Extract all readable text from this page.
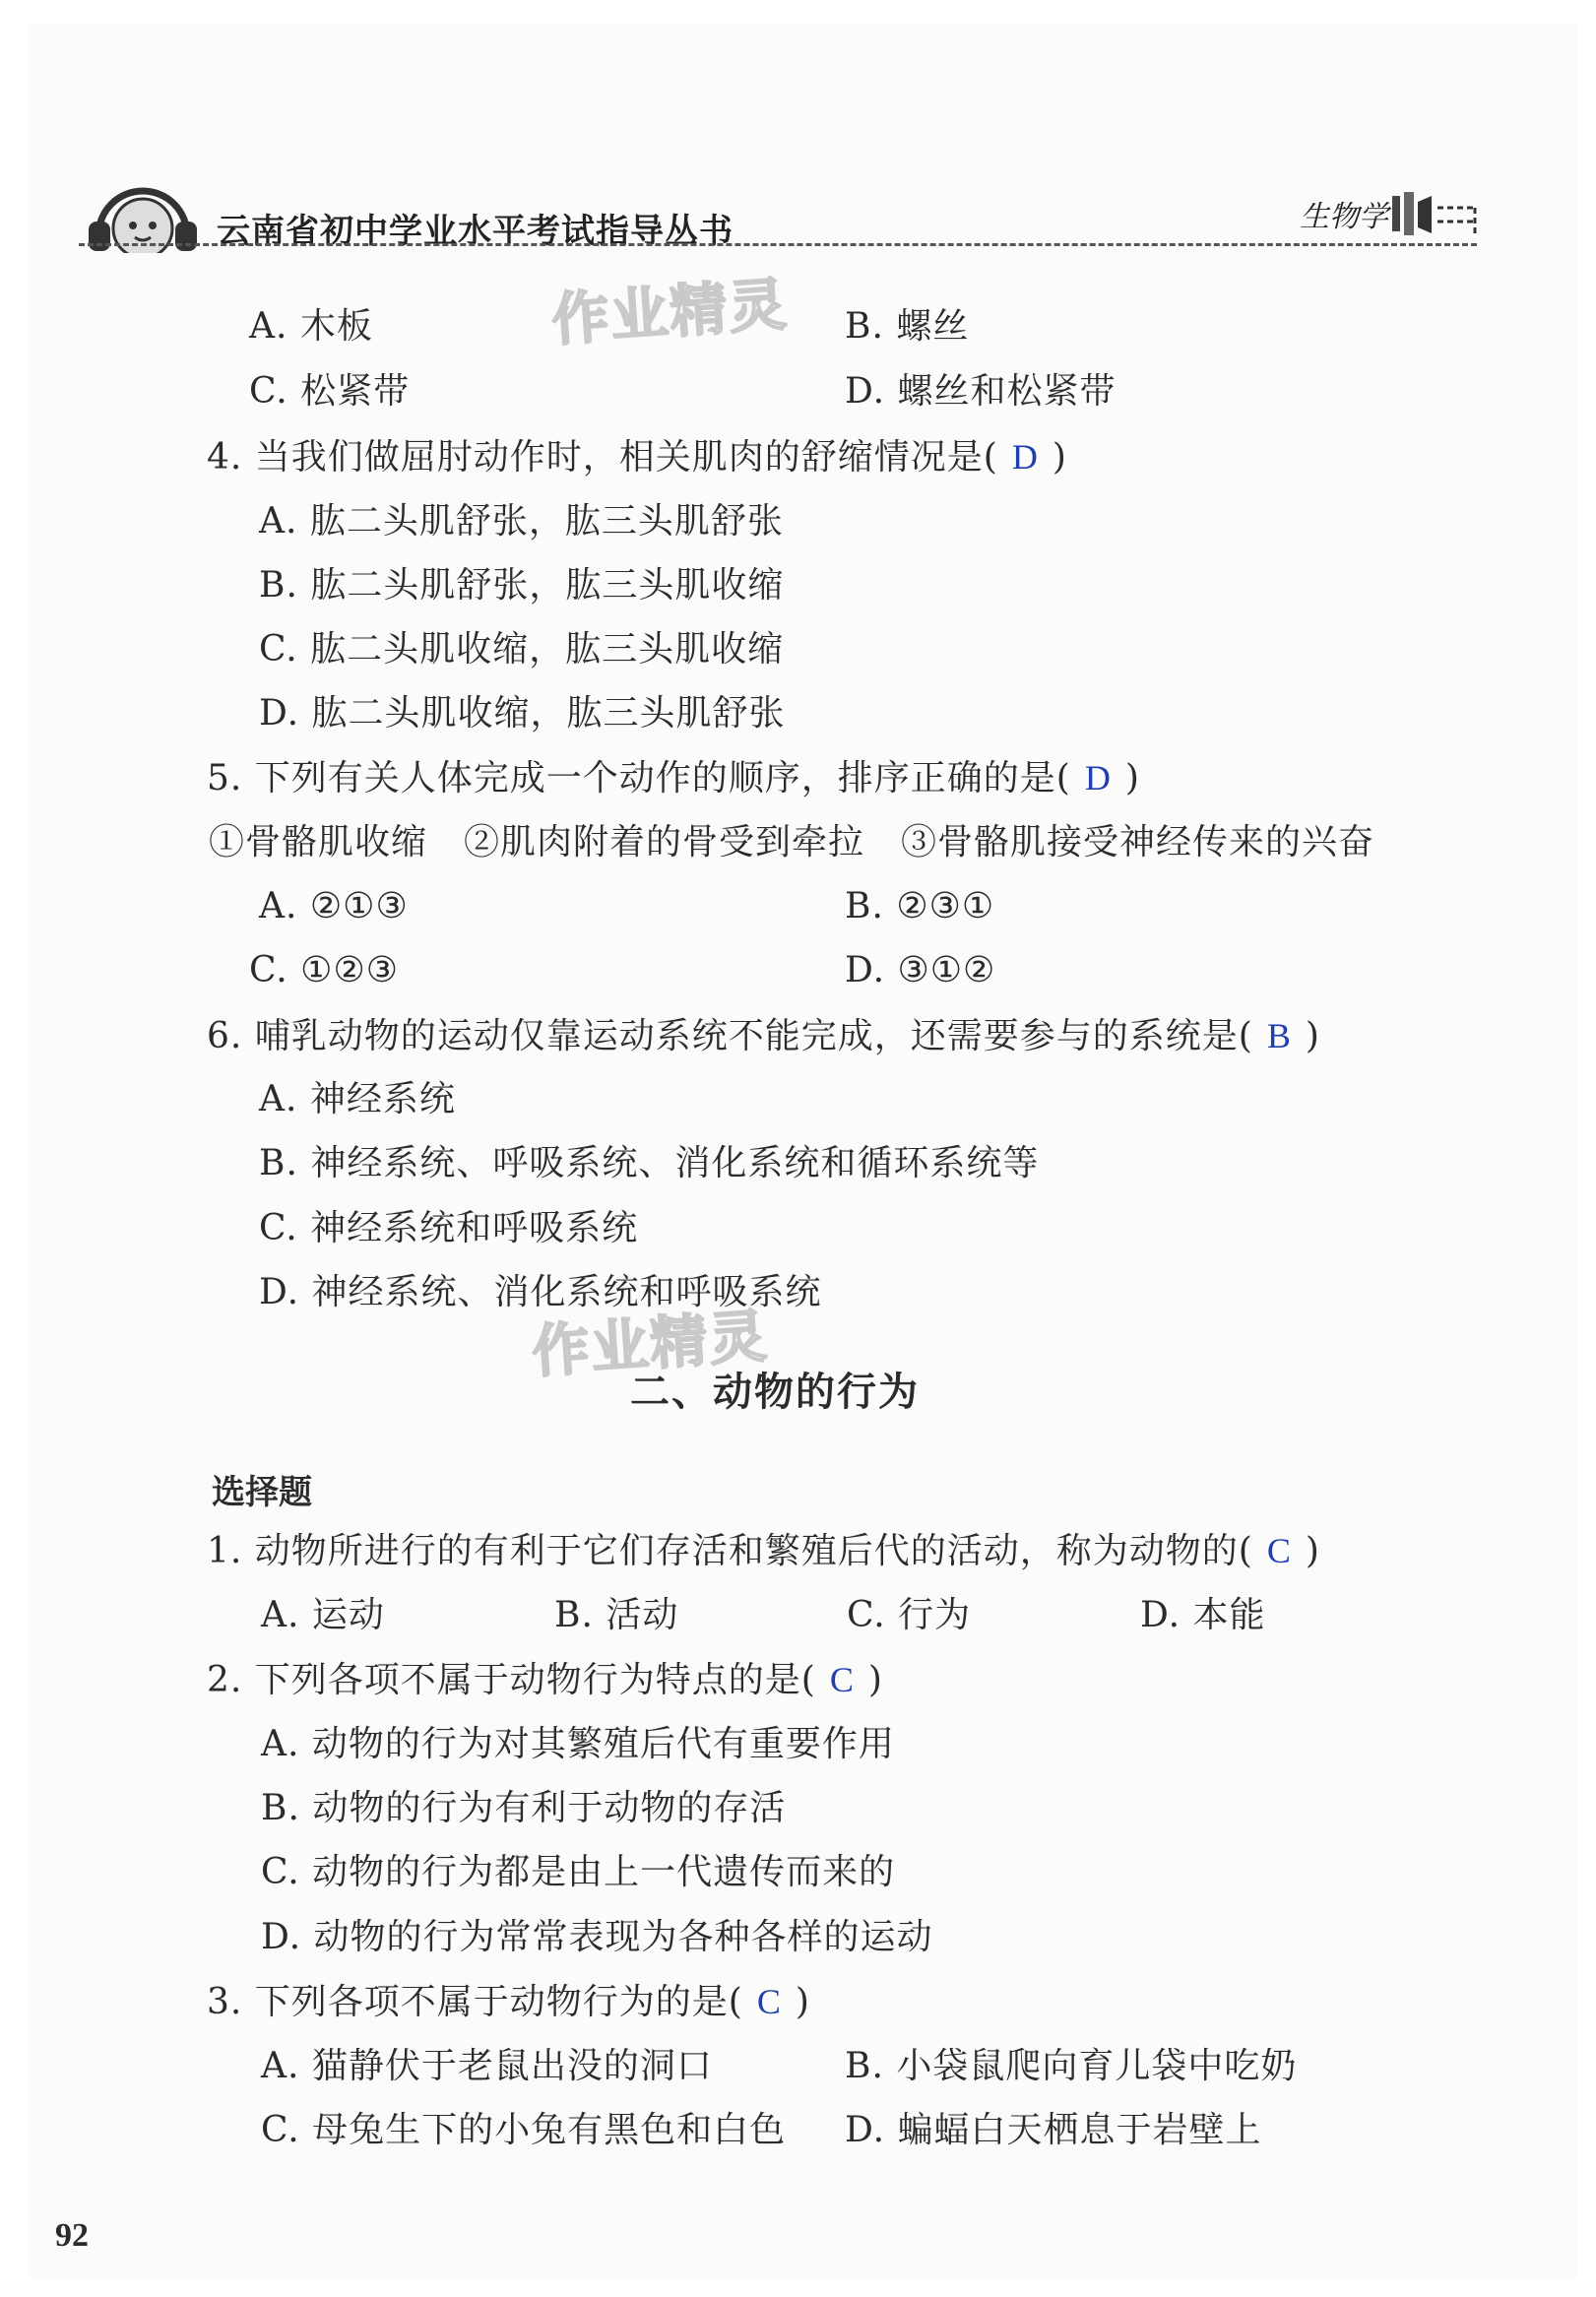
云南省初中学业水平考试指导丛书	生物学
作业精灵
作业精灵
A. 木板	B. 螺丝
C. 松紧带	D. 螺丝和松紧带
4. 当我们做屈肘动作时，相关肌肉的舒缩情况是( D )
A. 肱二头肌舒张，肱三头肌舒张
B. 肱二头肌舒张，肱三头肌收缩
C. 肱二头肌收缩，肱三头肌收缩
D. 肱二头肌收缩，肱三头肌舒张
5. 下列有关人体完成一个动作的顺序，排序正确的是( D )
①骨骼肌收缩　②肌肉附着的骨受到牵拉　③骨骼肌接受神经传来的兴奋
A. ②①③	B. ②③①
C. ①②③	D. ③①②
6. 哺乳动物的运动仅靠运动系统不能完成，还需要参与的系统是( B )
A. 神经系统
B. 神经系统、呼吸系统、消化系统和循环系统等
C. 神经系统和呼吸系统
D. 神经系统、消化系统和呼吸系统
二、动物的行为
选择题
1. 动物所进行的有利于它们存活和繁殖后代的活动，称为动物的( C )
A. 运动	B. 活动	C. 行为	D. 本能
2. 下列各项不属于动物行为特点的是( C )
A. 动物的行为对其繁殖后代有重要作用
B. 动物的行为有利于动物的存活
C. 动物的行为都是由上一代遗传而来的
D. 动物的行为常常表现为各种各样的运动
3. 下列各项不属于动物行为的是( C )
A. 猫静伏于老鼠出没的洞口	B. 小袋鼠爬向育儿袋中吃奶
C. 母兔生下的小兔有黑色和白色 D. 蝙蝠白天栖息于岩壁上
92
